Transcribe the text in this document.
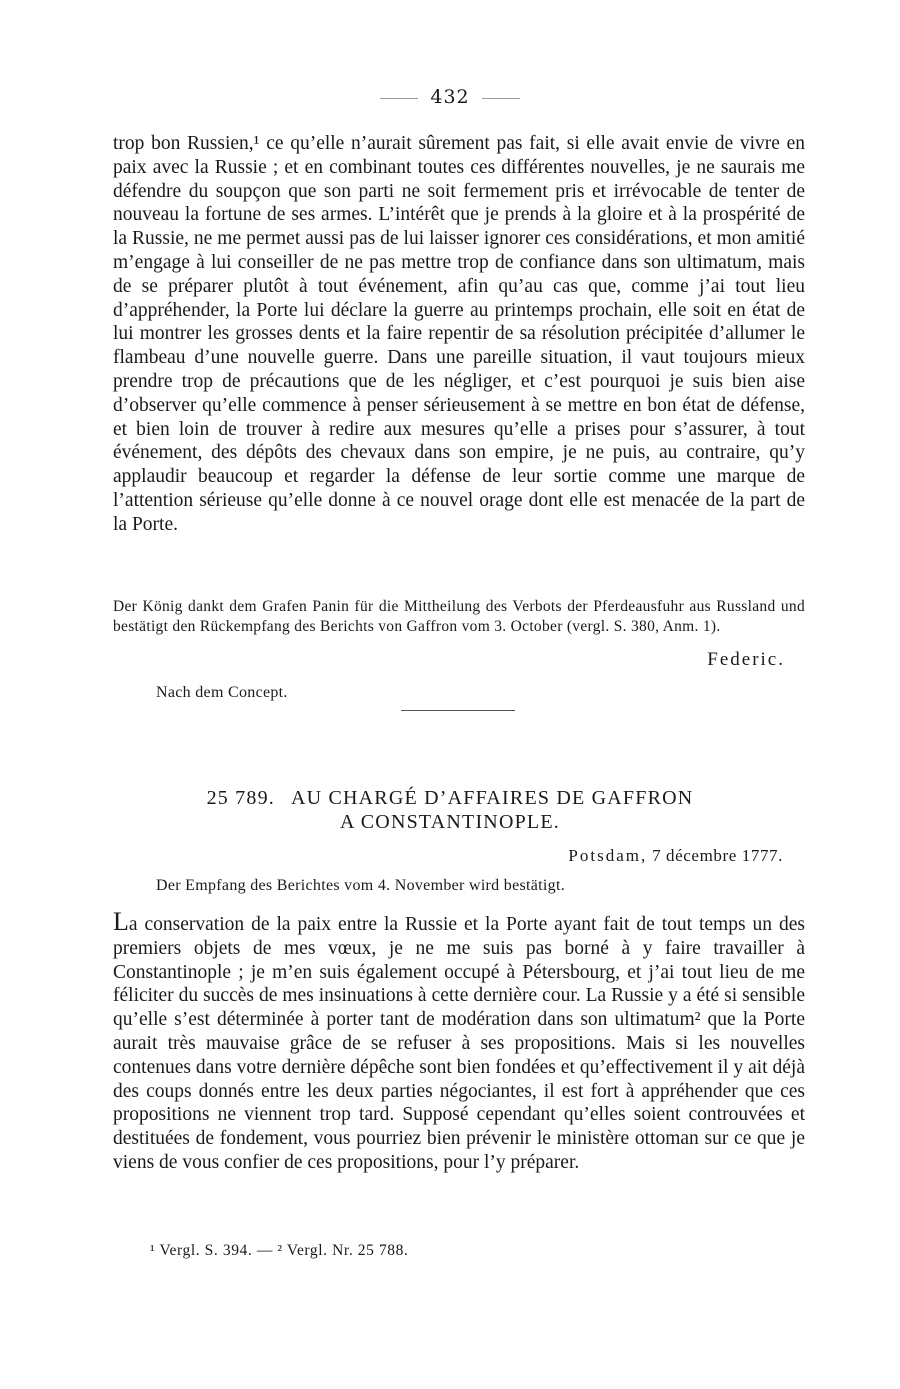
432

trop bon Russien,¹ ce qu’elle n’aurait sûrement pas fait, si elle avait envie de vivre en paix avec la Russie ; et en combinant toutes ces différentes nouvelles, je ne saurais me défendre du soupçon que son parti ne soit fermement pris et irrévocable de tenter de nouveau la fortune de ses armes. L’intérêt que je prends à la gloire et à la prospérité de la Russie, ne me permet aussi pas de lui laisser ignorer ces considérations, et mon amitié m’engage à lui conseiller de ne pas mettre trop de confiance dans son ultimatum, mais de se préparer plutôt à tout événement, afin qu’au cas que, comme j’ai tout lieu d’appréhender, la Porte lui déclare la guerre au printemps prochain, elle soit en état de lui montrer les grosses dents et la faire repentir de sa résolution précipitée d’allumer le flambeau d’une nouvelle guerre. Dans une pareille situation, il vaut toujours mieux prendre trop de précautions que de les négliger, et c’est pourquoi je suis bien aise d’observer qu’elle commence à penser sérieusement à se mettre en bon état de défense, et bien loin de trouver à redire aux mesures qu’elle a prises pour s’assurer, à tout événement, des dépôts des chevaux dans son empire, je ne puis, au contraire, qu’y applaudir beaucoup et regarder la défense de leur sortie comme une marque de l’attention sérieuse qu’elle donne à ce nouvel orage dont elle est menacée de la part de la Porte.

Der König dankt dem Grafen Panin für die Mittheilung des Verbots der Pferdeausfuhr aus Russland und bestätigt den Rückempfang des Berichts von Gaffron vom 3. October (vergl. S. 380, Anm. 1).
Federic.
Nach dem Concept.
25 789. AU CHARGÉ D’AFFAIRES DE GAFFRON
A CONSTANTINOPLE.
Potsdam, 7 décembre 1777.
Der Empfang des Berichtes vom 4. November wird bestätigt.

La conservation de la paix entre la Russie et la Porte ayant fait de tout temps un des premiers objets de mes vœux, je ne me suis pas borné à y faire travailler à Constantinople ; je m’en suis également occupé à Pétersbourg, et j’ai tout lieu de me féliciter du succès de mes insinuations à cette dernière cour. La Russie y a été si sensible qu’elle s’est déterminée à porter tant de modération dans son ultimatum² que la Porte aurait très mauvaise grâce de se refuser à ses propositions. Mais si les nouvelles contenues dans votre dernière dépêche sont bien fondées et qu’effectivement il y ait déjà des coups donnés entre les deux parties négociantes, il est fort à appréhender que ces propositions ne viennent trop tard. Supposé cependant qu’elles soient controuvées et destituées de fondement, vous pourriez bien prévenir le ministère ottoman sur ce que je viens de vous confier de ces propositions, pour l’y préparer.

¹ Vergl. S. 394. — ² Vergl. Nr. 25 788.
